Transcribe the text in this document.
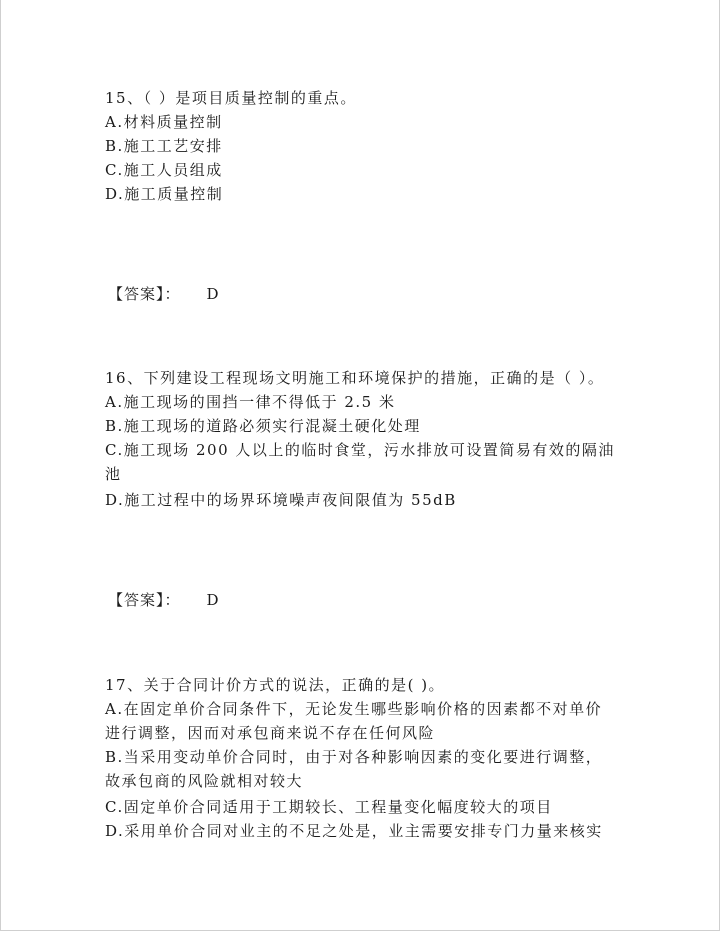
15、（ ）是项目质量控制的重点。
A.材料质量控制
B.施工工艺安排
C.施工人员组成
D.施工质量控制
【答案】： D
16、下列建设工程现场文明施工和环境保护的措施，正确的是（ ）。
A.施工现场的围挡一律不得低于 2.5 米
B.施工现场的道路必须实行混凝土硬化处理
C.施工现场 200 人以上的临时食堂，污水排放可设置简易有效的隔油
池
D.施工过程中的场界环境噪声夜间限值为 55dB
【答案】： D
17、关于合同计价方式的说法，正确的是( )。
A.在固定单价合同条件下，无论发生哪些影响价格的因素都不对单价
进行调整，因而对承包商来说不存在任何风险
B.当采用变动单价合同时，由于对各种影响因素的变化要进行调整，
故承包商的风险就相对较大
C.固定单价合同适用于工期较长、工程量变化幅度较大的项目
D.采用单价合同对业主的不足之处是，业主需要安排专门力量来核实
